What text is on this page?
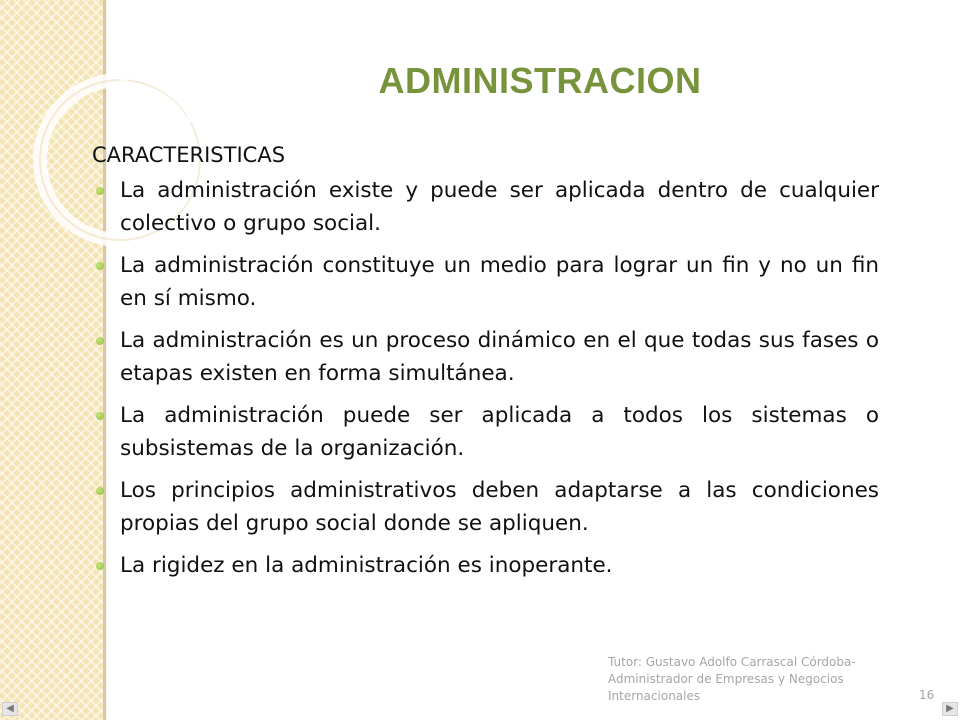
ADMINISTRACION
CARACTERISTICAS
La administración existe y puede ser aplicada dentro de cualquier colectivo o grupo social.
La administración constituye un medio para lograr un fin y no un fin en sí mismo.
La administración es un proceso dinámico en el que todas sus fases o etapas existen en forma simultánea.
La administración puede ser aplicada a todos los sistemas o subsistemas de la organización.
Los principios administrativos deben adaptarse a las condiciones propias del grupo social donde se apliquen.
La rigidez en la administración es inoperante.
Tutor: Gustavo Adolfo Carrascal Córdoba- Administrador de Empresas y Negocios Internacionales	16
◀	▶
